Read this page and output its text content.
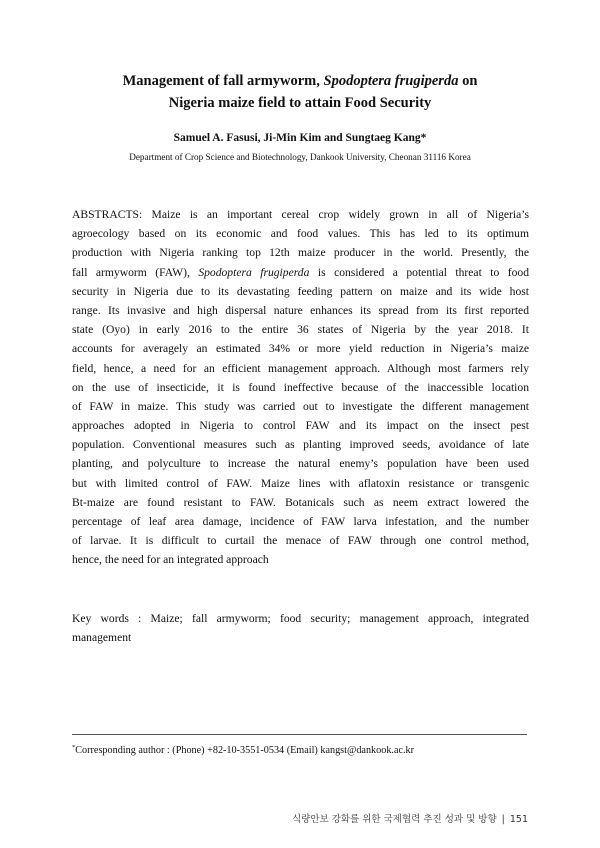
Management of fall armyworm, Spodoptera frugiperda on
Nigeria maize field to attain Food Security
Samuel A. Fasusi, Ji-Min Kim and Sungtaeg Kang*
Department of Crop Science and Biotechnology, Dankook University, Cheonan 31116 Korea
ABSTRACTS: Maize is an important cereal crop widely grown in all of Nigeria’s
agroecology based on its economic and food values. This has led to its optimum
production with Nigeria ranking top 12th maize producer in the world. Presently, the
fall armyworm (FAW), Spodoptera frugiperda is considered a potential threat to food
security in Nigeria due to its devastating feeding pattern on maize and its wide host
range. Its invasive and high dispersal nature enhances its spread from its first reported
state (Oyo) in early 2016 to the entire 36 states of Nigeria by the year 2018. It
accounts for averagely an estimated 34% or more yield reduction in Nigeria’s maize
field, hence, a need for an efficient management approach. Although most farmers rely
on the use of insecticide, it is found ineffective because of the inaccessible location
of FAW in maize. This study was carried out to investigate the different management
approaches adopted in Nigeria to control FAW and its impact on the insect pest
population. Conventional measures such as planting improved seeds, avoidance of late
planting, and polyculture to increase the natural enemy’s population have been used
but with limited control of FAW. Maize lines with aflatoxin resistance or transgenic
Bt-maize are found resistant to FAW. Botanicals such as neem extract lowered the
percentage of leaf area damage, incidence of FAW larva infestation, and the number
of larvae. It is difficult to curtail the menace of FAW through one control method,
hence, the need for an integrated approach
Key words : Maize; fall armyworm; food security; management approach, integrated
management
*Corresponding author : (Phone) +82-10-3551-0534 (Email) kangst@dankook.ac.kr
식량안보 강화를 위한 국제협력 추진 성과 및 방향 | 151
